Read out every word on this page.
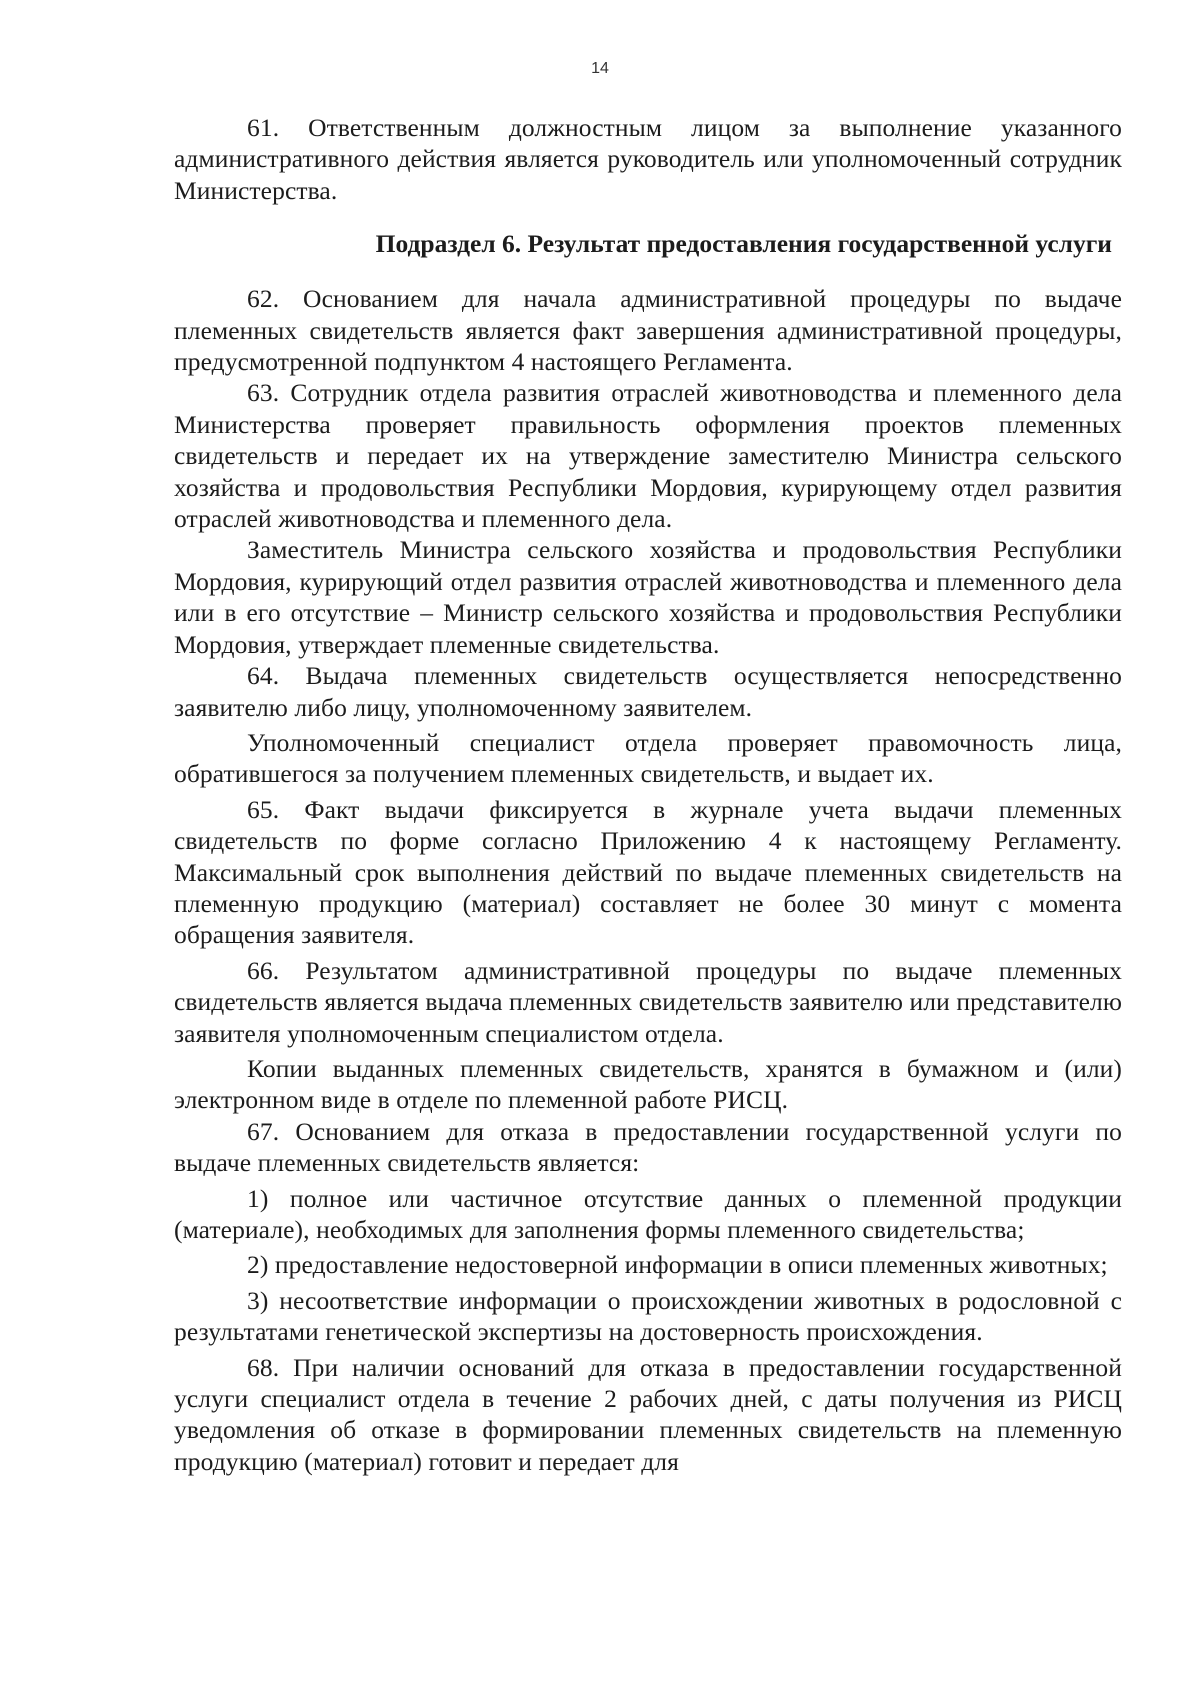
14

61. Ответственным должностным лицом за выполнение указанного административного действия является руководитель или уполномоченный сотрудник Министерства.

Подраздел 6. Результат предоставления государственной услуги

62. Основанием для начала административной процедуры по выдаче племенных свидетельств является факт завершения административной процедуры, предусмотренной подпунктом 4 настоящего Регламента.

63. Сотрудник отдела развития отраслей животноводства и племенного дела Министерства проверяет правильность оформления проектов племенных свидетельств и передает их на утверждение заместителю Министра сельского хозяйства и продовольствия Республики Мордовия, курирующему отдел развития отраслей животноводства и племенного дела.

Заместитель Министра сельского хозяйства и продовольствия Республики Мордовия, курирующий отдел развития отраслей животноводства и племенного дела или в его отсутствие – Министр сельского хозяйства и продовольствия Республики Мордовия, утверждает племенные свидетельства.

64. Выдача племенных свидетельств осуществляется непосредственно заявителю либо лицу, уполномоченному заявителем.

Уполномоченный специалист отдела проверяет правомочность лица, обратившегося за получением племенных свидетельств, и выдает их.

65. Факт выдачи фиксируется в журнале учета выдачи племенных свидетельств по форме согласно Приложению 4 к настоящему Регламенту. Максимальный срок выполнения действий по выдаче племенных свидетельств на племенную продукцию (материал) составляет не более 30 минут с момента обращения заявителя.

66. Результатом административной процедуры по выдаче племенных свидетельств является выдача племенных свидетельств заявителю или представителю заявителя уполномоченным специалистом отдела.

Копии выданных племенных свидетельств, хранятся в бумажном и (или) электронном виде в отделе по племенной работе РИСЦ.

67. Основанием для отказа в предоставлении государственной услуги по выдаче племенных свидетельств является:

1) полное или частичное отсутствие данных о племенной продукции (материале), необходимых для заполнения формы племенного свидетельства;

2) предоставление недостоверной информации в описи племенных животных;

3) несоответствие информации о происхождении животных в родословной с результатами генетической экспертизы на достоверность происхождения.

68. При наличии оснований для отказа в предоставлении государственной услуги специалист отдела в течение 2 рабочих дней, с даты получения из РИСЦ уведомления об отказе в формировании племенных свидетельств на племенную продукцию (материал) готовит и передает для
